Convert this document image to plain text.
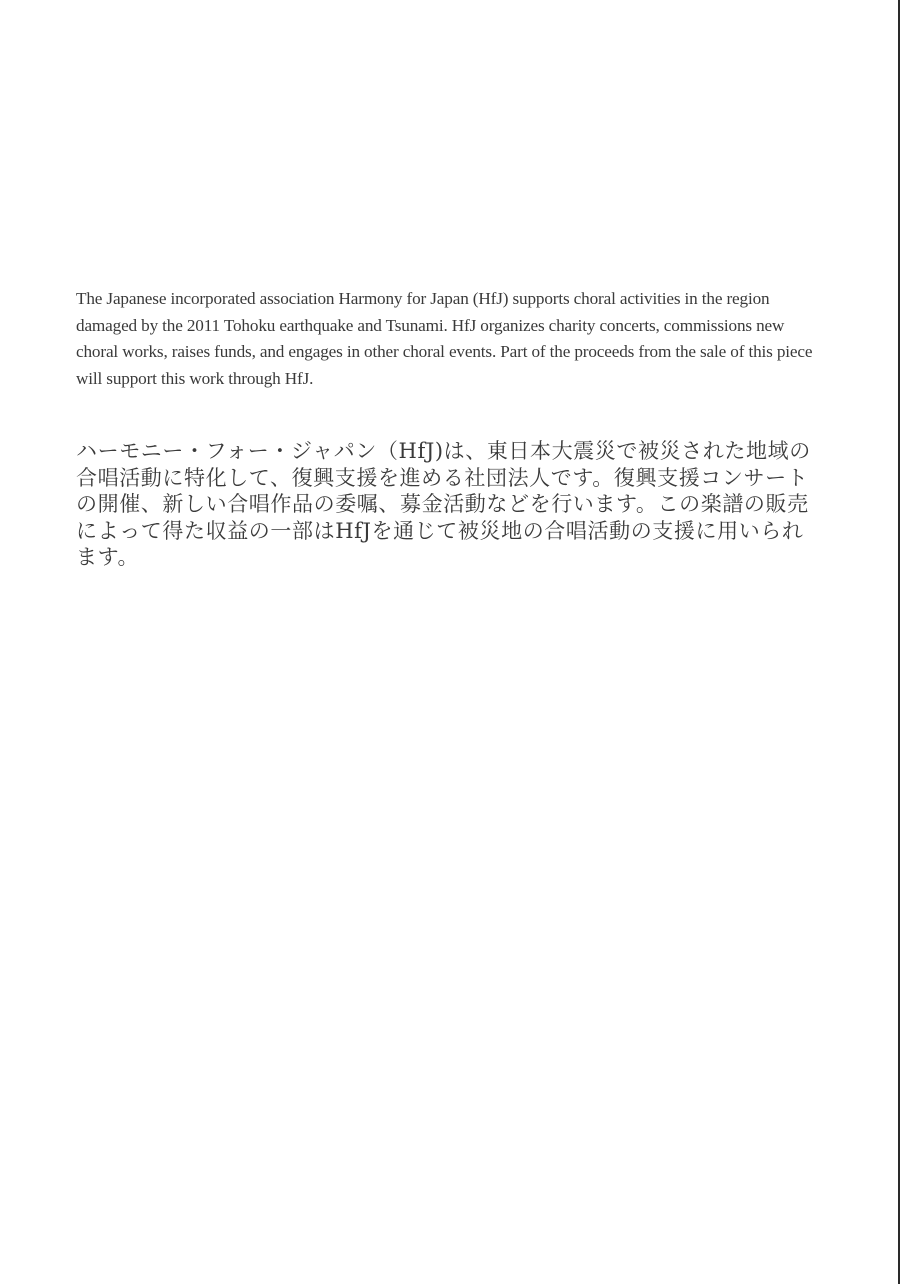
The Japanese incorporated association Harmony for Japan (HfJ) supports choral activities in the region damaged by the 2011 Tohoku earthquake and Tsunami. HfJ organizes charity concerts, commissions new choral works, raises funds, and engages in other choral events. Part of the proceeds from the sale of this piece will support this work through HfJ.

ハーモニー・フォー・ジャパン（HfJ)は、東日本大震災で被災された地域の合唱活動に特化して、復興支援を進める社団法人です。復興支援コンサートの開催、新しい合唱作品の委嘱、募金活動などを行います。この楽譜の販売によって得た収益の一部はHfJを通じて被災地の合唱活動の支援に用いられます。
